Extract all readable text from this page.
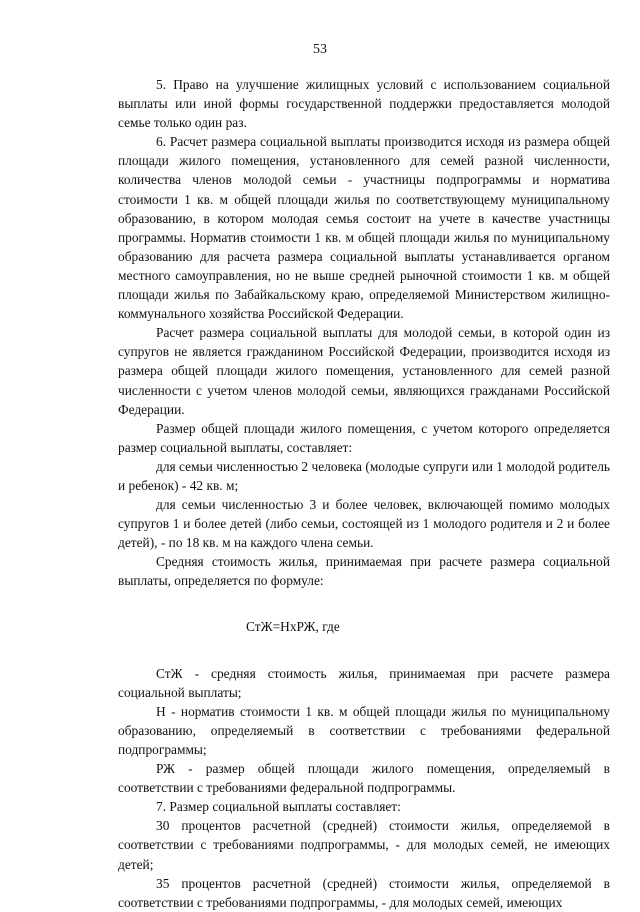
53

5. Право на улучшение жилищных условий с использованием социальной выплаты или иной формы государственной поддержки предоставляется молодой семье только один раз.

6. Расчет размера социальной выплаты производится исходя из размера общей площади жилого помещения, установленного для семей разной численности, количества членов молодой семьи - участницы подпрограммы и норматива стоимости 1 кв. м общей площади жилья по соответствующему муниципальному образованию, в котором молодая семья состоит на учете в качестве участницы программы. Норматив стоимости 1 кв. м общей площади жилья по муниципальному образованию для расчета размера социальной выплаты устанавливается органом местного самоуправления, но не выше средней рыночной стоимости 1 кв. м общей площади жилья по Забайкальскому краю, определяемой Министерством жилищно-коммунального хозяйства Российской Федерации.

Расчет размера социальной выплаты для молодой семьи, в которой один из супругов не является гражданином Российской Федерации, производится исходя из размера общей площади жилого помещения, установленного для семей разной численности с учетом членов молодой семьи, являющихся гражданами Российской Федерации.

Размер общей площади жилого помещения, с учетом которого определяется размер социальной выплаты, составляет:

для семьи численностью 2 человека (молодые супруги или 1 молодой родитель и ребенок) - 42 кв. м;

для семьи численностью 3 и более человек, включающей помимо молодых супругов 1 и более детей (либо семьи, состоящей из 1 молодого родителя и 2 и более детей), - по 18 кв. м на каждого члена семьи.

Средняя стоимость жилья, принимаемая при расчете размера социальной выплаты, определяется по формуле:

СтЖ=НхРЖ, где

СтЖ - средняя стоимость жилья, принимаемая при расчете размера социальной выплаты;

Н - норматив стоимости 1 кв. м общей площади жилья по муниципальному образованию, определяемый в соответствии с требованиями федеральной подпрограммы;

РЖ - размер общей площади жилого помещения, определяемый в соответствии с требованиями федеральной подпрограммы.

7. Размер социальной выплаты составляет:

30 процентов расчетной (средней) стоимости жилья, определяемой в соответствии с требованиями подпрограммы, - для молодых семей, не имеющих детей;

35 процентов расчетной (средней) стоимости жилья, определяемой в соответствии с требованиями подпрограммы, - для молодых семей, имеющих
